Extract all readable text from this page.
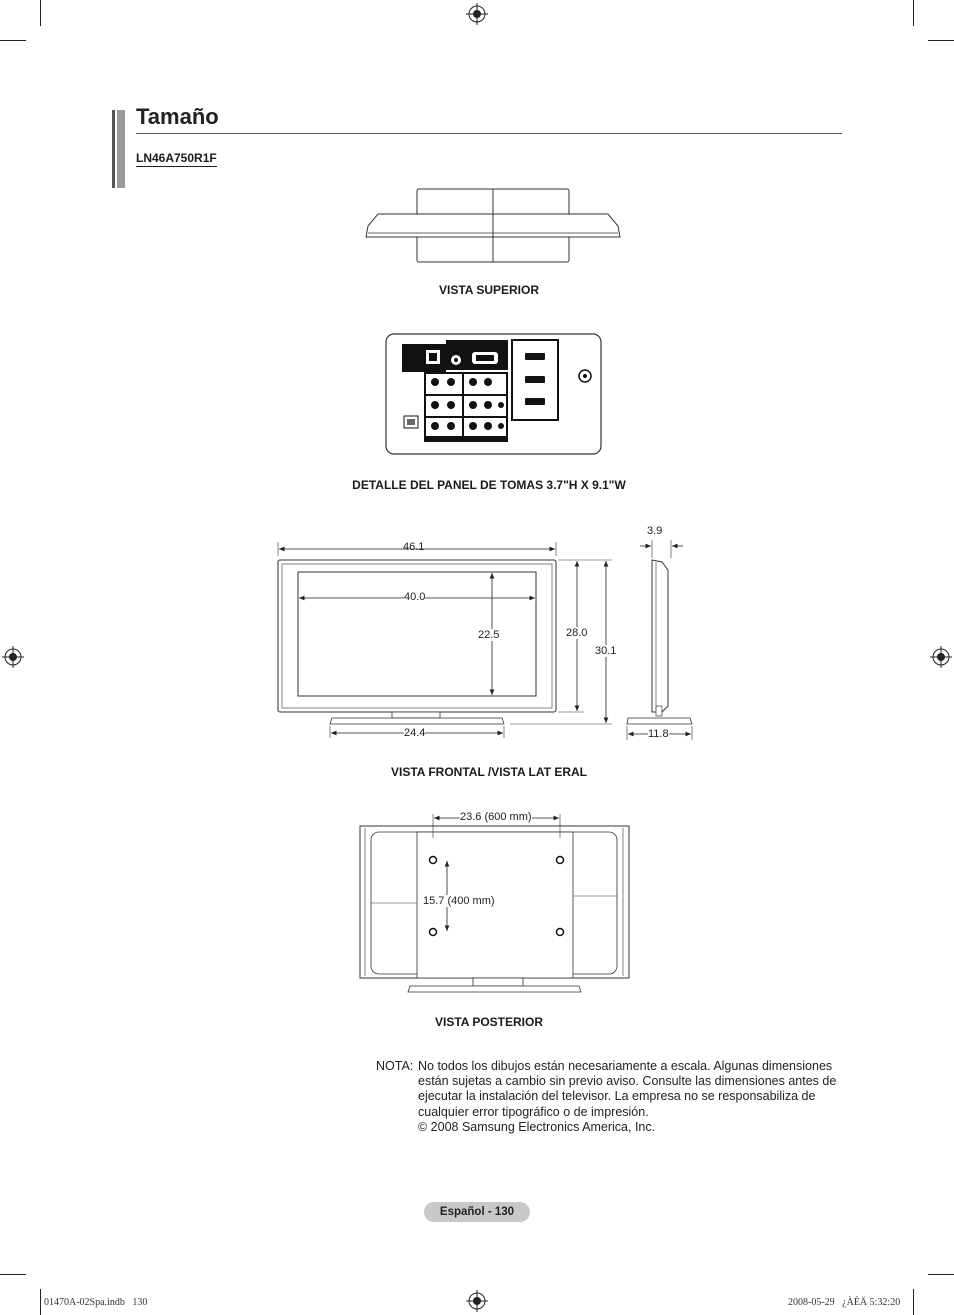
Tamaño
LN46A750R1F
VISTA SUPERIOR
DETALLE DEL PANEL DE TOMAS 3.7"H X 9.1"W
46.1
40.0
22.5	28.0
30.1
24.4
3.9
11.8
VISTA FRONTAL /VISTA LAT ERAL
23.6 (600 mm)
15.7 (400 mm)
VISTA POSTERIOR
NOTA: No todos los dibujos están necesariamente a escala. Algunas dimensiones están sujetas a cambio sin previo aviso. Consulte las dimensiones antes de ejecutar la instalación del televisor. La empresa no se responsabiliza de cualquier error tipográfico o de impresión.
© 2008 Samsung Electronics America, Inc.
Español - 130
01470A-02Spa.indb   130	2008-05-29   ¿ÀÈÄ 5:32:20
